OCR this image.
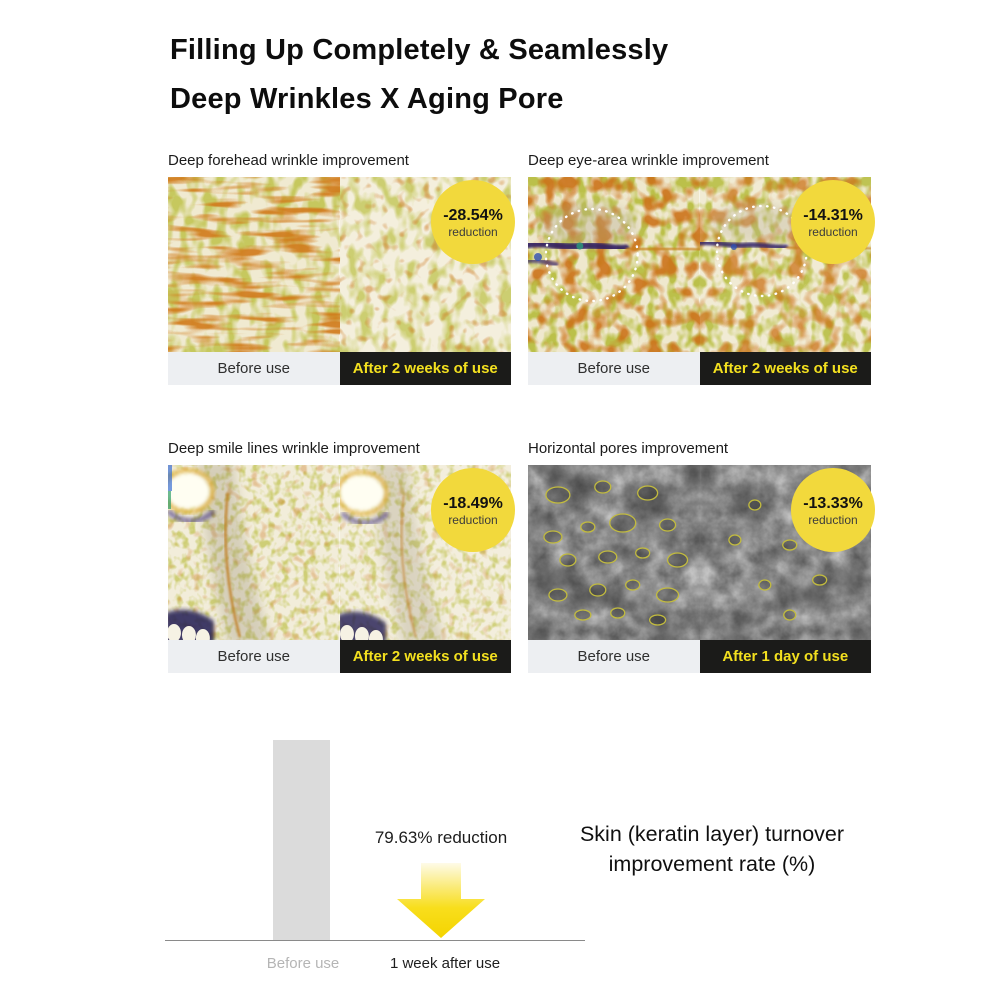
Filling Up Completely & Seamlessly
Deep Wrinkles X Aging Pore
Deep forehead wrinkle improvement
-28.54%
reduction
Before use	After 2 weeks of use
Deep eye-area wrinkle improvement
-14.31%
reduction
Before use	After 2 weeks of use
Deep smile lines wrinkle improvement
-18.49%
reduction
Before use	After 2 weeks of use
Horizontal pores improvement
-13.33%
reduction
Before use	After 1 day of use
79.63% reduction
Before use	1 week after use
Skin (keratin layer) turnover
improvement rate (%)
